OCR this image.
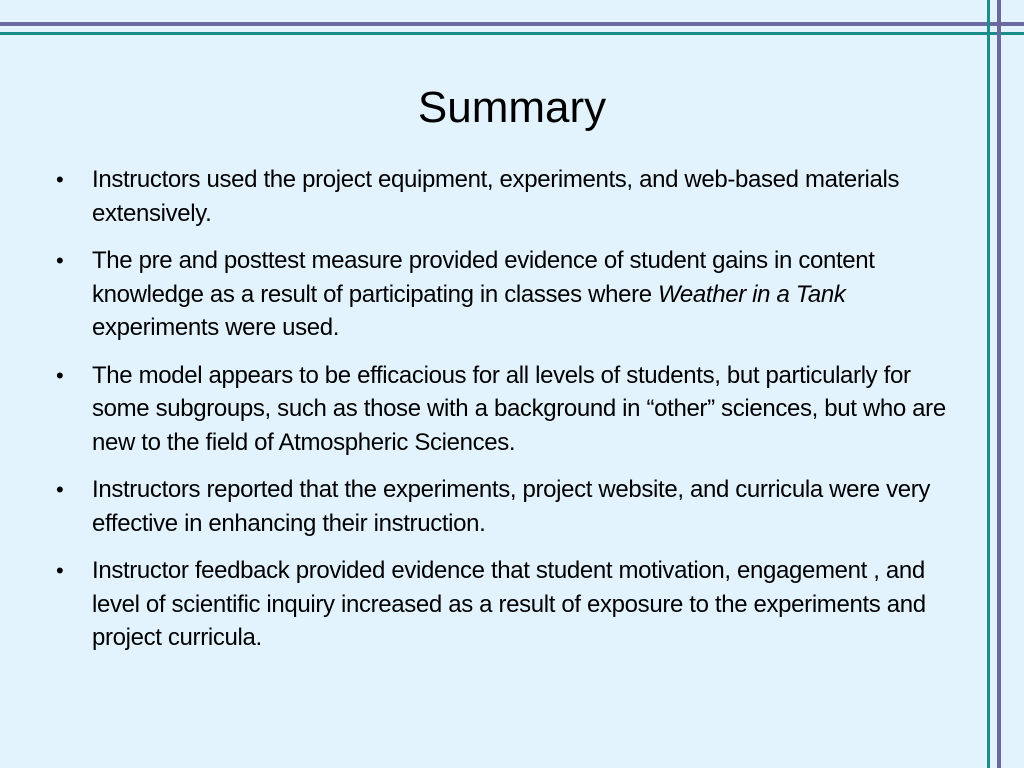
Summary
• Instructors used the project equipment, experiments, and web-based materials extensively.
• The pre and posttest measure provided evidence of student gains in content knowledge as a result of participating in classes where Weather in a Tank experiments were used.
• The model appears to be efficacious for all levels of students, but particularly for some subgroups, such as those with a background in “other” sciences, but who are new to the field of Atmospheric Sciences.
• Instructors reported that the experiments, project website, and curricula were very effective in enhancing their instruction.
• Instructor feedback provided evidence that student motivation, engagement , and level of scientific inquiry increased as a result of exposure to the experiments and project curricula.
